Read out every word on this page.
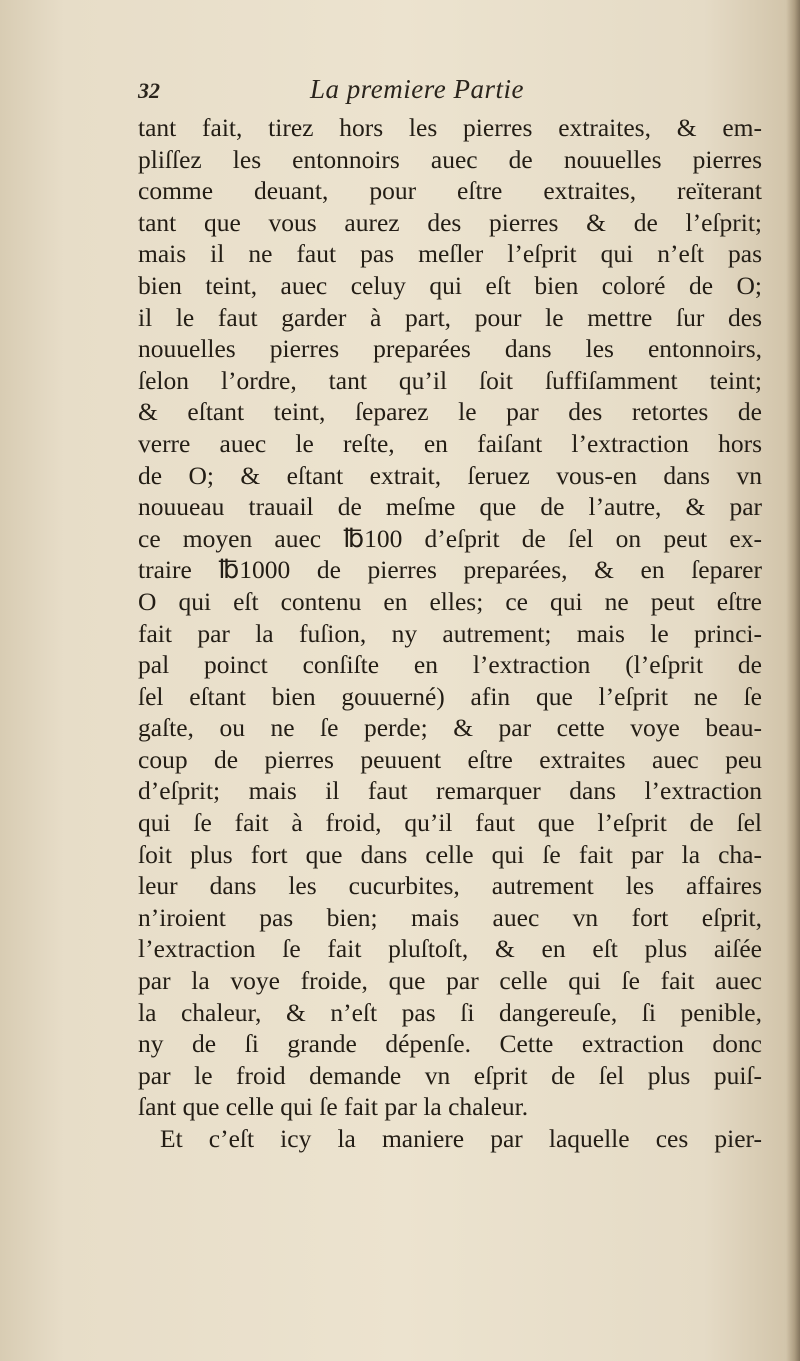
32	La premiere Partie
tant fait, tirez hors les pierres extraites, & em-
pliſſez les entonnoirs auec de nouuelles pierres
comme deuant, pour eſtre extraites, reïterant
tant que vous aurez des pierres & de l’eſprit;
mais il ne faut pas meſler l’eſprit qui n’eſt pas
bien teint, auec celuy qui eſt bien coloré de O;
il le faut garder à part, pour le mettre ſur des
nouuelles pierres preparées dans les entonnoirs,
ſelon l’ordre, tant qu’il ſoit ſuffiſamment teint;
& eſtant teint, ſeparez le par des retortes de
verre auec le reſte, en faiſant l’extraction hors
de O; & eſtant extrait, ſeruez vous-en dans vn
nouueau trauail de meſme que de l’autre, & par
ce moyen auec ℔100 d’eſprit de ſel on peut ex-
traire ℔1000 de pierres preparées, & en ſeparer
O qui eſt contenu en elles; ce qui ne peut eſtre
fait par la fuſion, ny autrement; mais le princi-
pal poinct conſiſte en l’extraction (l’eſprit de
ſel eſtant bien gouuerné) afin que l’eſprit ne ſe
gaſte, ou ne ſe perde; & par cette voye beau-
coup de pierres peuuent eſtre extraites auec peu
d’eſprit; mais il faut remarquer dans l’extraction
qui ſe fait à froid, qu’il faut que l’eſprit de ſel
ſoit plus fort que dans celle qui ſe fait par la cha-
leur dans les cucurbites, autrement les affaires
n’iroient pas bien; mais auec vn fort eſprit,
l’extraction ſe fait pluſtoſt, & en eſt plus aiſée
par la voye froide, que par celle qui ſe fait auec
la chaleur, & n’eſt pas ſi dangereuſe, ſi penible,
ny de ſi grande dépenſe. Cette extraction donc
par le froid demande vn eſprit de ſel plus puiſ-
ſant que celle qui ſe fait par la chaleur.
Et c’eſt icy la maniere par laquelle ces pier-
